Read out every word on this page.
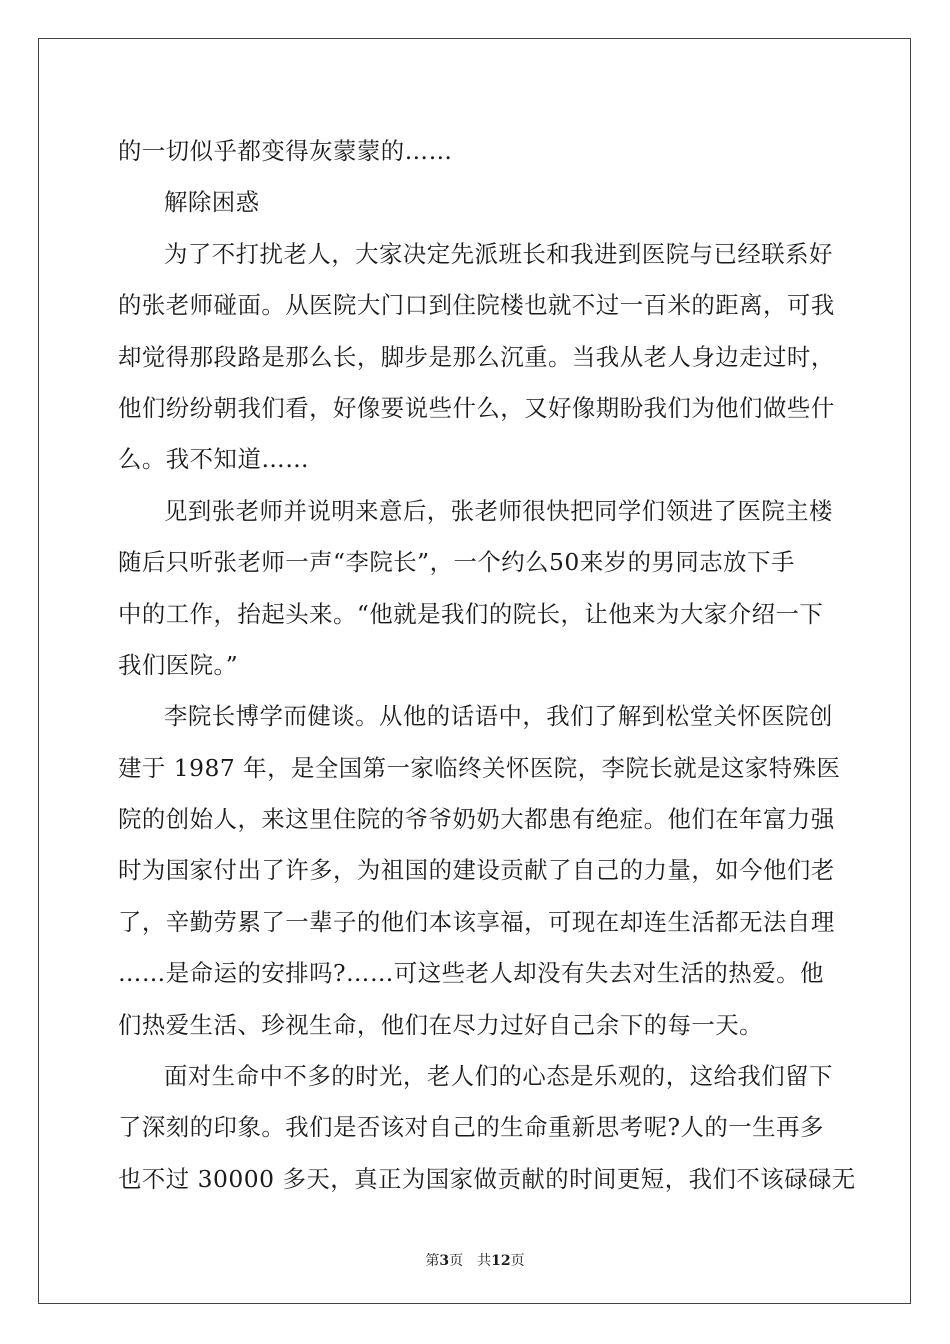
的一切似乎都变得灰蒙蒙的……
解除困惑
为了不打扰老人，大家决定先派班长和我进到医院与已经联系好
的张老师碰面。从医院大门口到住院楼也就不过一百米的距离，可我
却觉得那段路是那么长，脚步是那么沉重。当我从老人身边走过时，
他们纷纷朝我们看，好像要说些什么，又好像期盼我们为他们做些什
么。我不知道……
见到张老师并说明来意后，张老师很快把同学们领进了医院主楼
随后只听张老师一声“李院长”，一个约么50来岁的男同志放下手
中的工作，抬起头来。“他就是我们的院长，让他来为大家介绍一下
我们医院。”
李院长博学而健谈。从他的话语中，我们了解到松堂关怀医院创
建于 1987 年，是全国第一家临终关怀医院，李院长就是这家特殊医
院的创始人，来这里住院的爷爷奶奶大都患有绝症。他们在年富力强
时为国家付出了许多，为祖国的建设贡献了自己的力量，如今他们老
了，辛勤劳累了一辈子的他们本该享福，可现在却连生活都无法自理
……是命运的安排吗?……可这些老人却没有失去对生活的热爱。他
们热爱生活、珍视生命，他们在尽力过好自己余下的每一天。
面对生命中不多的时光，老人们的心态是乐观的，这给我们留下
了深刻的印象。我们是否该对自己的生命重新思考呢?人的一生再多
也不过 30000 多天，真正为国家做贡献的时间更短，我们不该碌碌无
第3页 共12页
